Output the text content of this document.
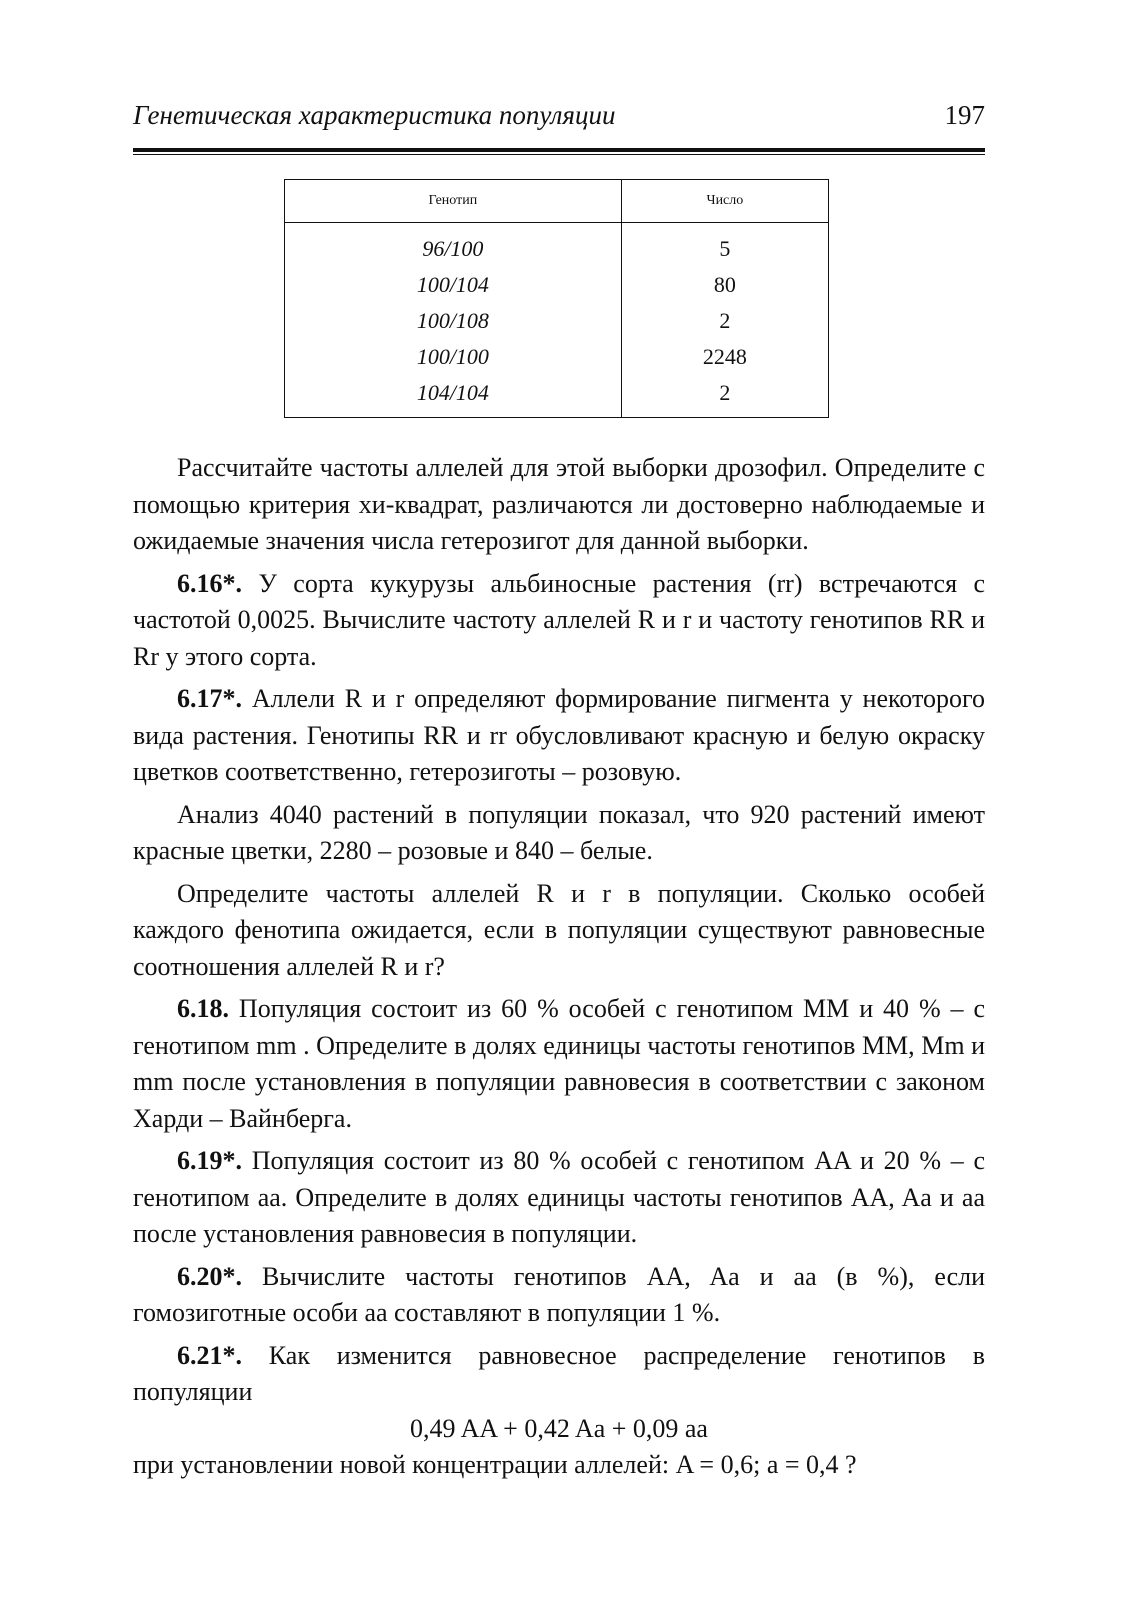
Генетическая характеристика популяции	197
Генотип	Число
96/100	5
100/104	80
100/108	2
100/100	2248
104/104	2

Рассчитайте частоты аллелей для этой выборки дрозофил. Определите с помощью критерия хи-квадрат, различаются ли достоверно наблюдаемые и ожидаемые значения числа гетерозигот для данной выборки.

6.16*. У сорта кукурузы альбиносные растения (rr) встречаются с частотой 0,0025. Вычислите частоту аллелей R и r и частоту генотипов RR и Rr у этого сорта.

6.17*. Аллели R и r определяют формирование пигмента у некоторого вида растения. Генотипы RR и rr обусловливают красную и белую окраску цветков соответственно, гетерозиготы – розовую.

Анализ 4040 растений в популяции показал, что 920 растений имеют красные цветки, 2280 – розовые и 840 – белые.

Определите частоты аллелей R и r в популяции. Сколько особей каждого фенотипа ожидается, если в популяции существуют равновесные соотношения аллелей R и r?

6.18. Популяция состоит из 60 % особей с генотипом MM и 40 % – с генотипом mm . Определите в долях единицы частоты генотипов MM, Mm и mm после установления в популяции равновесия в соответствии с законом Харди – Вайнберга.

6.19*. Популяция состоит из 80 % особей с генотипом AA и 20 % – с генотипом aa. Определите в долях единицы частоты генотипов AA, Aa и aa после установления равновесия в популяции.

6.20*. Вычислите частоты генотипов AA, Aa и aa (в %), если гомозиготные особи aa составляют в популяции 1 %.

6.21*. Как изменится равновесное распределение генотипов в популяции

0,49 AA + 0,42 Aa + 0,09 aa

при установлении новой концентрации аллелей: A = 0,6; a = 0,4 ?
